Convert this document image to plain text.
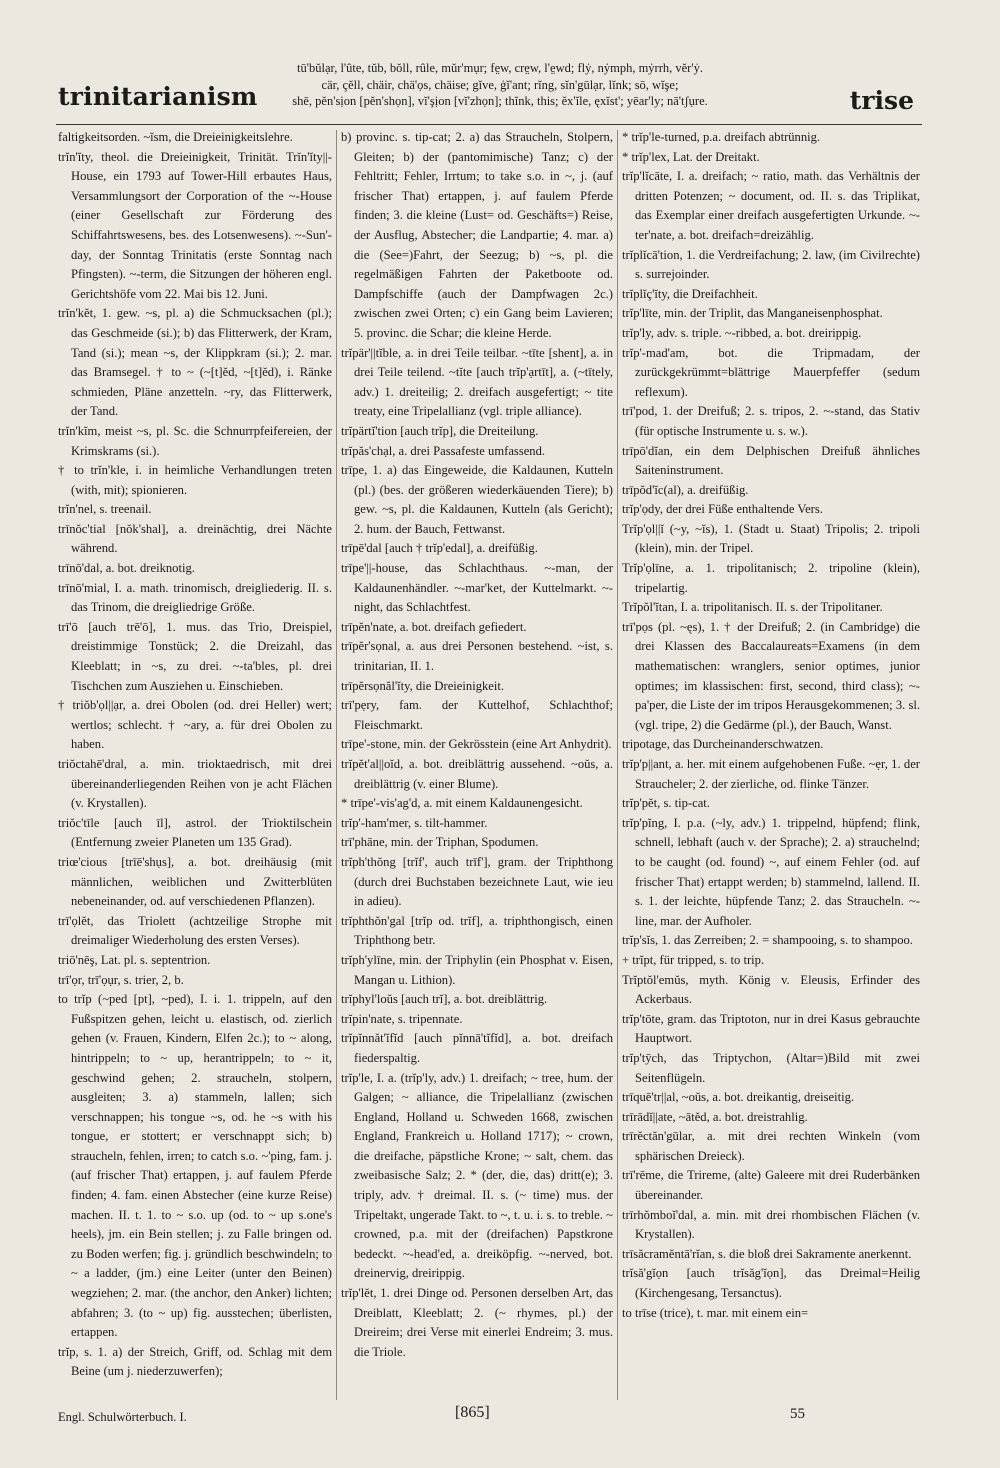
trinitarianism
tū'bŭlạr, l'ûte, tŭb, bŏll, rûle, mŭr'mụr; fe̤w, cre̤w, l'e̤wd; flẏ, nẏmph, mẏrrh, vĕr'ẏ.
cär, çĕll, chäir, chä'ọs, chäise; gĭve, ġĭ'ant; rĭng, sĭn'gūlạr, lĭnk; sō, wĭşe;
shē, pĕn'sịon [pĕn'shọn], vĭ'şịon [vĭ'zhọn]; thĭnk, this; ĕx'ĭle, ęxĭst'; yēar'ly; nā'tʃụre.	trise

faltigkeitsorden. ~ĭsm, die Dreieinigkeitslehre.

trĭn'ĭty, theol. die Dreieinigkeit, Trinität. Trĭn'ĭty||-House, ein 1793 auf Tower-Hill erbautes Haus, Versammlungsort der Corporation of the ~-House (einer Gesellschaft zur Förderung des Schiffahrtswesens, bes. des Lotsenwesens). ~-Sun'-day, der Sonntag Trinitatis (erste Sonntag nach Pfingsten). ~-term, die Sitzungen der höheren engl. Gerichtshöfe vom 22. Mai bis 12. Juni.

trĭn'kĕt, 1. gew. ~s, pl. a) die Schmucksachen (pl.); das Geschmeide (si.); b) das Flitterwerk, der Kram, Tand (si.); mean ~s, der Klippkram (si.); 2. mar. das Bramsegel. † to ~ (~[t]ĕd, ~[t]ĕd), i. Ränke schmieden, Pläne anzetteln. ~ry, das Flitterwerk, der Tand.

trĭn'kĭm, meist ~s, pl. Sc. die Schnurrpfeifereien, der Krimskrams (si.).

† to trĭn'kle, i. in heimliche Verhandlungen treten (with, mit); spionieren.

trĭn'nel, s. treenail.

trīnŏc'tial [nŏk'shal], a. dreinächtig, drei Nächte während.

trīnō'dal, a. bot. dreiknotig.

trīnō'mial, I. a. math. trinomisch, dreigliederig. II. s. das Trinom, die dreigliedrige Größe.

trī'ō [auch trē'ō], 1. mus. das Trio, Dreispiel, dreistimmige Tonstück; 2. die Dreizahl, das Kleeblatt; in ~s, zu drei. ~-ta'bles, pl. drei Tischchen zum Ausziehen u. Einschieben.

† triŏb'ọl||ạr, a. drei Obolen (od. drei Heller) wert; wertlos; schlecht. † ~ary, a. für drei Obolen zu haben.

triŏctahē'dral, a. min. trioktaedrisch, mit drei übereinanderliegenden Reihen von je acht Flächen (v. Krystallen).

triŏc'tīle [auch īl], astrol. der Trioktilschein (Entfernung zweier Planeten um 135 Grad).

triœ'cious [trīē'shụs], a. bot. dreihäusig (mit männlichen, weiblichen und Zwitterblüten nebeneinander, od. auf verschiedenen Pflanzen).

trī'ọlĕt, das Triolett (achtzeilige Strophe mit dreimaliger Wiederholung des ersten Verses).

triō'nēş, Lat. pl. s. septentrion.

trī'ọr, trī'ọụr, s. trier, 2, b.

to trĭp (~ped [pt], ~ped), I. i. 1. trippeln, auf den Fußspitzen gehen, leicht u. elastisch, od. zierlich gehen (v. Frauen, Kindern, Elfen 2c.); to ~ along, hintrippeln; to ~ up, herantrippeln; to ~ it, geschwind gehen; 2. straucheln, stolpern, ausgleiten; 3. a) stammeln, lallen; sich verschnappen; his tongue ~s, od. he ~s with his tongue, er stottert; er verschnappt sich; b) straucheln, fehlen, irren; to catch s.o. ~'ping, fam. j. (auf frischer That) ertappen, j. auf faulem Pferde finden; 4. fam. einen Abstecher (eine kurze Reise) machen. II. t. 1. to ~ s.o. up (od. to ~ up s.one's heels), jm. ein Bein stellen; j. zu Falle bringen od. zu Boden werfen; fig. j. gründlich beschwindeln; to ~ a ladder, (jm.) eine Leiter (unter den Beinen) wegziehen; 2. mar. (the anchor, den Anker) lichten; abfahren; 3. (to ~ up) fig. ausstechen; überlisten, ertappen.

trĭp, s. 1. a) der Streich, Griff, od. Schlag mit dem Beine (um j. niederzuwerfen);

b) provinc. s. tip-cat; 2. a) das Straucheln, Stolpern, Gleiten; b) der (pantomimische) Tanz; c) der Fehltritt; Fehler, Irrtum; to take s.o. in ~, j. (auf frischer That) ertappen, j. auf faulem Pferde finden; 3. die kleine (Lust= od. Geschäfts=) Reise, der Ausflug, Abstecher; die Landpartie; 4. mar. a) die (See=)Fahrt, der Seezug; b) ~s, pl. die regelmäßigen Fahrten der Paketboote od. Dampfschiffe (auch der Dampfwagen 2c.) zwischen zwei Orten; c) ein Gang beim Lavieren; 5. provinc. die Schar; die kleine Herde.

trĭpär'||tĭble, a. in drei Teile teilbar. ~tīte [shent], a. in drei Teile teilend. ~tĭte [auch trĭp'ạrtīt], a. (~tītely, adv.) 1. dreiteilig; 2. dreifach ausgefertigt; ~ tite treaty, eine Tripelallianz (vgl. triple alliance).

trĭpärtĭ'tion [auch trĭp], die Dreiteilung.

trĭpăs'chạl, a. drei Passafeste umfassend.

trīpe, 1. a) das Eingeweide, die Kaldaunen, Kutteln (pl.) (bes. der größeren wiederkäuenden Tiere); b) gew. ~s, pl. die Kaldaunen, Kutteln (als Gericht); 2. hum. der Bauch, Fettwanst.

trīpē'dal [auch † trĭp'edal], a. dreifüßig.

trīpe'||-house, das Schlachthaus. ~-man, der Kaldaunenhändler. ~-mar'ket, der Kuttelmarkt. ~-night, das Schlachtfest.

trīpĕn'nate, a. bot. dreifach gefiedert.

trīpĕr'sọnal, a. aus drei Personen bestehend. ~ist, s. trinitarian, II. 1.

trīpĕrsọnăl'ĭty, die Dreieinigkeit.

trī'pẹry, fam. der Kuttelhof, Schlachthof; Fleischmarkt.

trīpe'-stone, min. der Gekrösstein (eine Art Anhydrit).

trĭpĕt'al||oĭd, a. bot. dreiblättrig aussehend. ~oŭs, a. dreiblättrig (v. einer Blume).

* trīpe'-vis'ag'd, a. mit einem Kaldaunengesicht.

trĭp'-ham'mer, s. tilt-hammer.

trī'phāne, min. der Triphan, Spodumen.

trĭph'thŏng [trĭf', auch trīf'], gram. der Triphthong (durch drei Buchstaben bezeichnete Laut, wie ieu in adieu).

trĭphthŏn'gal [trĭp od. trĭf], a. triphthongisch, einen Triphthong betr.

trĭph'ylīne, min. der Triphylin (ein Phosphat v. Eisen, Mangan u. Lithion).

trĭphyl'loŭs [auch trĭ], a. bot. dreiblättrig.

trĭpin'nate, s. tripennate.

trĭpĭnnăt'ĭfĭd [auch pĭnnā'tĭfĭd], a. bot. dreifach fiederspaltig.

trĭp'le, I. a. (trĭp'ly, adv.) 1. dreifach; ~ tree, hum. der Galgen; ~ alliance, die Tripelallianz (zwischen England, Holland u. Schweden 1668, zwischen England, Frankreich u. Holland 1717); ~ crown, die dreifache, päpstliche Krone; ~ salt, chem. das zweibasische Salz; 2. * (der, die, das) dritt(e); 3. triply, adv. † dreimal. II. s. (~ time) mus. der Tripeltakt, ungerade Takt. to ~, t. u. i. s. to treble. ~ crowned, p.a. mit der (dreifachen) Papstkrone bedeckt. ~-head'ed, a. dreiköpfig. ~-nerved, bot. dreinervig, dreirippig.

trĭp'lĕt, 1. drei Dinge od. Personen derselben Art, das Dreiblatt, Kleeblatt; 2. (~ rhymes, pl.) der Dreireim; drei Verse mit einerlei Endreim; 3. mus. die Triole.

* trĭp'le-turned, p.a. dreifach abtrünnig.

* trĭp'lex, Lat. der Dreitakt.

trĭp'lĭcāte, I. a. dreifach; ~ ratio, math. das Verhältnis der dritten Potenzen; ~ document, od. II. s. das Triplikat, das Exemplar einer dreifach ausgefertigten Urkunde. ~-ter'nate, a. bot. dreifach=dreizählig.

trĭplĭcā'tion, 1. die Verdreifachung; 2. law, (im Civilrechte) s. surrejoinder.

trĭplĭç'ĭty, die Dreifachheit.

trĭp'līte, min. der Triplit, das Manganeisenphosphat.

trĭp'ly, adv. s. triple. ~-ribbed, a. bot. dreirippig.

trĭp'-mad'am, bot. die Tripmadam, der zurückgekrümmt=blättrige Mauerpfeffer (sedum reflexum).

trī'pod, 1. der Dreifuß; 2. s. tripos, 2. ~-stand, das Stativ (für optische Instrumente u. s. w.).

trīpō'dĭan, ein dem Delphischen Dreifuß ähnliches Saiteninstrument.

trīpŏd'ĭc(al), a. dreifüßig.

trĭp'ọdy, der drei Füße enthaltende Vers.

Trĭp'ọl||ĭ (~y, ~ĭs), 1. (Stadt u. Staat) Tripolis; 2. tripoli (klein), min. der Tripel.

Trĭp'ọlīne, a. 1. tripolitanisch; 2. tripoline (klein), tripelartig.

Trĭpŏl'ĭtan, I. a. tripolitanisch. II. s. der Tripolitaner.

trī'pọs (pl. ~ęs), 1. † der Dreifuß; 2. (in Cambridge) die drei Klassen des Baccalaureats=Examens (in dem mathematischen: wranglers, senior optimes, junior optimes; im klassischen: first, second, third class); ~-pa'per, die Liste der im tripos Herausgekommenen; 3. sl. (vgl. tripe, 2) die Gedärme (pl.), der Bauch, Wanst.

tripotage, das Durcheinanderschwatzen.

trĭp'p||ant, a. her. mit einem aufgehobenen Fuße. ~ẹr, 1. der Straucheler; 2. der zierliche, od. flinke Tänzer.

trĭp'pĕt, s. tip-cat.

trĭp'pĭng, I. p.a. (~ly, adv.) 1. trippelnd, hüpfend; flink, schnell, lebhaft (auch v. der Sprache); 2. a) strauchelnd; to be caught (od. found) ~, auf einem Fehler (od. auf frischer That) ertappt werden; b) stammelnd, lallend. II. s. 1. der leichte, hüpfende Tanz; 2. das Straucheln. ~-line, mar. der Aufholer.

trĭp'sĭs, 1. das Zerreiben; 2. = shampooing, s. to shampoo.

+ trĭpt, für tripped, s. to trip.

Trĭptŏl'emŭs, myth. König v. Eleusis, Erfinder des Ackerbaus.

trĭp'tōte, gram. das Triptoton, nur in drei Kasus gebrauchte Hauptwort.

trĭp'tȳch, das Triptychon, (Altar=)Bild mit zwei Seitenflügeln.

trīquē'tr||al, ~oŭs, a. bot. dreikantig, dreiseitig.

trīrādĭ||ate, ~ātĕd, a. bot. dreistrahlig.

trīrĕctăn'gūlar, a. mit drei rechten Winkeln (vom sphärischen Dreieck).

trī'rēme, die Trireme, (alte) Galeere mit drei Ruderbänken übereinander.

trīrhŏmboĭ'dal, a. min. mit drei rhombischen Flächen (v. Krystallen).

trīsăcramĕntā'rĭan, s. die bloß drei Sakramente anerkennt.

trĭsă'gĭọn [auch trĭsăg'ĭọn], das Dreimal=Heilig (Kirchengesang, Tersanctus).

to trīse (trice), t. mar. mit einem ein=

Engl. Schulwörterbuch. I.	[865]	55
